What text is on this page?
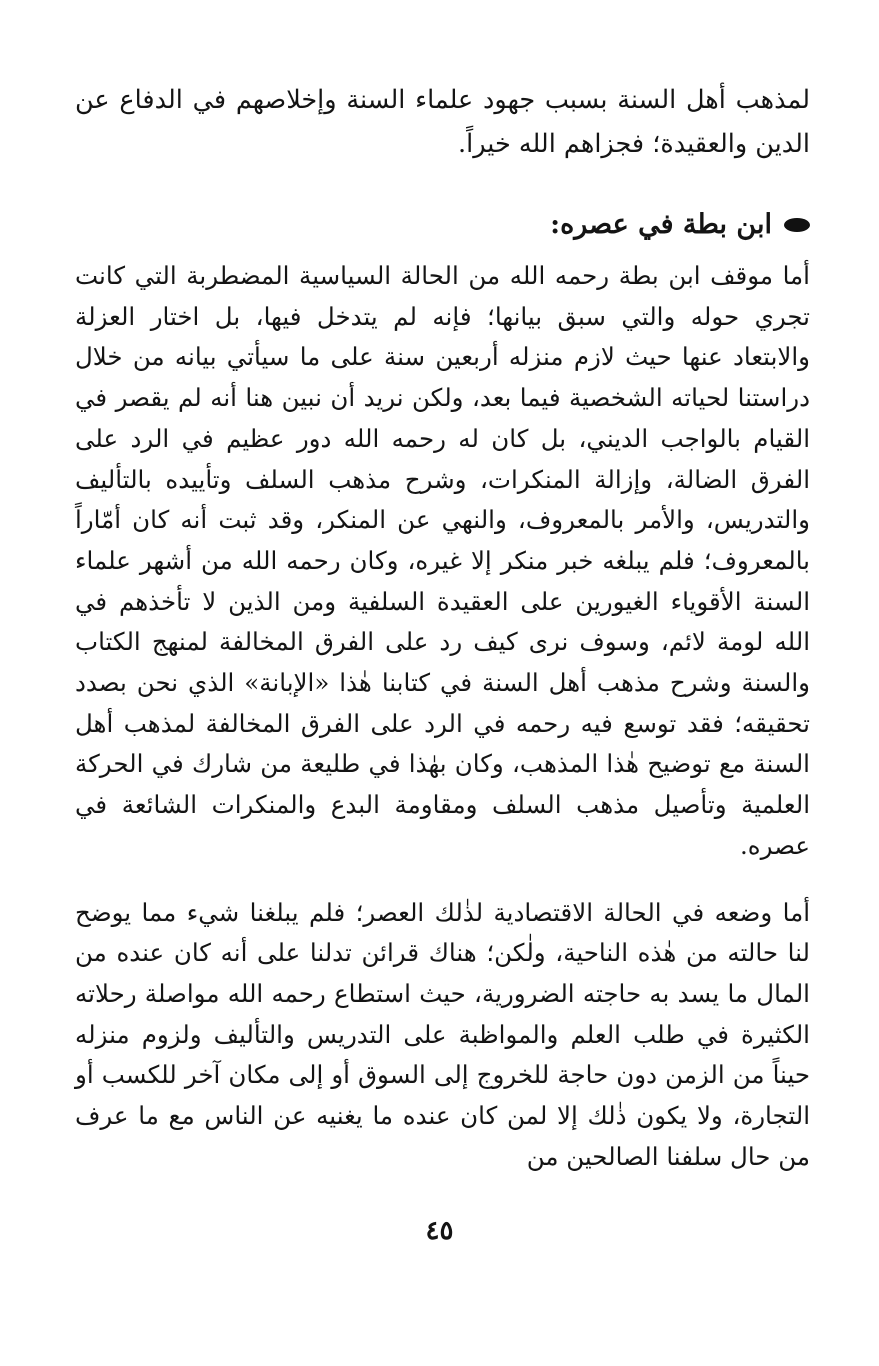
لمذهب أهل السنة بسبب جهود علماء السنة وإخلاصهم في الدفاع عن الدين والعقيدة؛ فجزاهم الله خيراً.

ابن بطة في عصره:

أما موقف ابن بطة رحمه الله من الحالة السياسية المضطربة التي كانت تجري حوله والتي سبق بيانها؛ فإنه لم يتدخل فيها، بل اختار العزلة والابتعاد عنها حيث لازم منزله أربعين سنة على ما سيأتي بيانه من خلال دراستنا لحياته الشخصية فيما بعد، ولكن نريد أن نبين هنا أنه لم يقصر في القيام بالواجب الديني، بل كان له رحمه الله دور عظيم في الرد على الفرق الضالة، وإزالة المنكرات، وشرح مذهب السلف وتأييده بالتأليف والتدريس، والأمر بالمعروف، والنهي عن المنكر، وقد ثبت أنه كان أمّاراً بالمعروف؛ فلم يبلغه خبر منكر إلا غيره، وكان رحمه الله من أشهر علماء السنة الأقوياء الغيورين على العقيدة السلفية ومن الذين لا تأخذهم في الله لومة لائم، وسوف نرى كيف رد على الفرق المخالفة لمنهج الكتاب والسنة وشرح مذهب أهل السنة في كتابنا هٰذا «الإبانة» الذي نحن بصدد تحقيقه؛ فقد توسع فيه رحمه في الرد على الفرق المخالفة لمذهب أهل السنة مع توضيح هٰذا المذهب، وكان بهٰذا في طليعة من شارك في الحركة العلمية وتأصيل مذهب السلف ومقاومة البدع والمنكرات الشائعة في عصره.

أما وضعه في الحالة الاقتصادية لذٰلك العصر؛ فلم يبلغنا شيء مما يوضح لنا حالته من هٰذه الناحية، ولٰكن؛ هناك قرائن تدلنا على أنه كان عنده من المال ما يسد به حاجته الضرورية، حيث استطاع رحمه الله مواصلة رحلاته الكثيرة في طلب العلم والمواظبة على التدريس والتأليف ولزوم منزله حيناً من الزمن دون حاجة للخروج إلى السوق أو إلى مكان آخر للكسب أو التجارة، ولا يكون ذٰلك إلا لمن كان عنده ما يغنيه عن الناس مع ما عرف من حال سلفنا الصالحين من

٤٥
